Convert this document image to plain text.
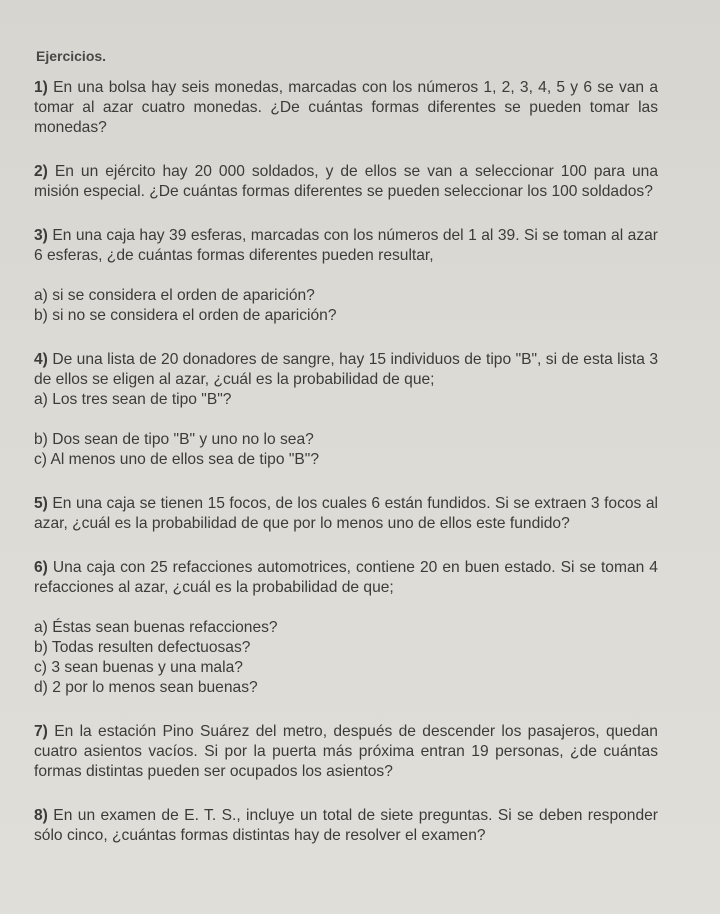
Ejercicios.

1) En una bolsa hay seis monedas, marcadas con los números 1, 2, 3, 4, 5 y 6 se van a tomar al azar cuatro monedas. ¿De cuántas formas diferentes se pueden tomar las monedas?

2) En un ejército hay 20 000 soldados, y de ellos se van a seleccionar 100 para una misión especial. ¿De cuántas formas diferentes se pueden seleccionar los 100 soldados?

3) En una caja hay 39 esferas, marcadas con los números del 1 al 39. Si se toman al azar 6 esferas, ¿de cuántas formas diferentes pueden resultar,

a) si se considera el orden de aparición?

b) si no se considera el orden de aparición?

4) De una lista de 20 donadores de sangre, hay 15 individuos de tipo "B", si de esta lista 3 de ellos se eligen al azar, ¿cuál es la probabilidad de que;

a) Los tres sean de tipo "B"?

b) Dos sean de tipo "B" y uno no lo sea?

c) Al menos uno de ellos sea de tipo "B"?

5) En una caja se tienen 15 focos, de los cuales 6 están fundidos. Si se extraen 3 focos al azar, ¿cuál es la probabilidad de que por lo menos uno de ellos este fundido?

6) Una caja con 25 refacciones automotrices, contiene 20 en buen estado. Si se toman 4 refacciones al azar, ¿cuál es la probabilidad de que;

a) Éstas sean buenas refacciones?

b) Todas resulten defectuosas?

c) 3 sean buenas y una mala?

d) 2 por lo menos sean buenas?

7) En la estación Pino Suárez del metro, después de descender los pasajeros, quedan cuatro asientos vacíos. Si por la puerta más próxima entran 19 personas, ¿de cuántas formas distintas pueden ser ocupados los asientos?

8) En un examen de E. T. S., incluye un total de siete preguntas. Si se deben responder sólo cinco, ¿cuántas formas distintas hay de resolver el examen?
